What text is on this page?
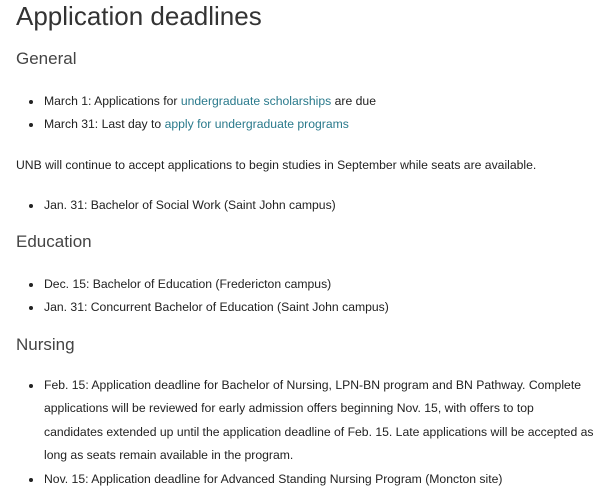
Application deadlines
General
March 1: Applications for undergraduate scholarships are due
March 31: Last day to apply for undergraduate programs
UNB will continue to accept applications to begin studies in September while seats are available.
Jan. 31: Bachelor of Social Work (Saint John campus)
Education
Dec. 15: Bachelor of Education (Fredericton campus)
Jan. 31: Concurrent Bachelor of Education (Saint John campus)
Nursing
Feb. 15: Application deadline for Bachelor of Nursing, LPN-BN program and BN Pathway. Complete applications will be reviewed for early admission offers beginning Nov. 15, with offers to top candidates extended up until the application deadline of Feb. 15. Late applications will be accepted as long as seats remain available in the program.
Nov. 15: Application deadline for Advanced Standing Nursing Program (Moncton site)
